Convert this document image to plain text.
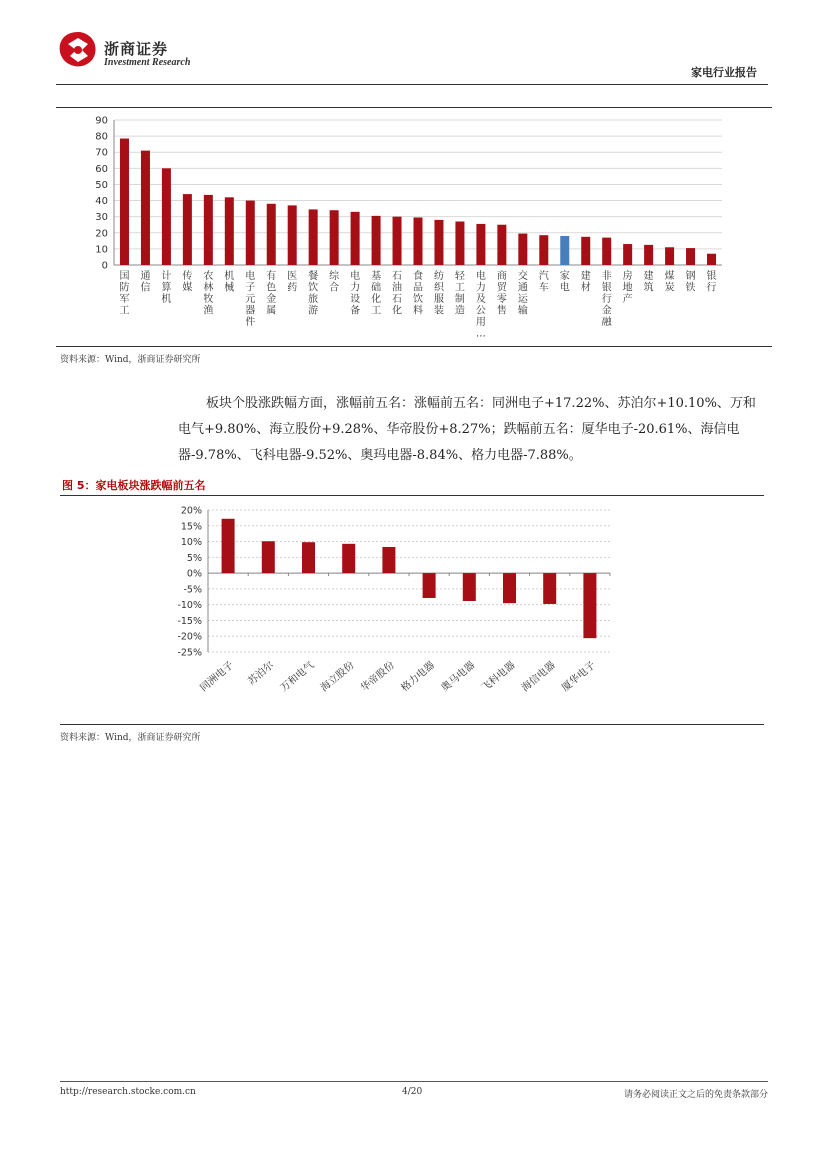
浙商证券
Investment Research
家电行业报告
0
10
20
30
40
50
60
70
80
90
国防军工
通信
计算机
传媒
农林牧渔
机械
电子元器件
有色金属
医药
餐饮旅游
综合
电力设备
基础化工
石油石化
食品饮料
纺织服装
轻工制造
电力及公用…
商贸零售
交通运输
汽车
家电
建材
非银行金融
房地产
建筑
煤炭
钢铁
银行
资料来源：Wind，浙商证券研究所

板块个股涨跌幅方面，涨幅前五名：涨幅前五名：同洲电子+17.22%、苏泊尔+10.10%、万和电气+9.80%、海立股份+9.28%、华帝股份+8.27%；跌幅前五名：厦华电子-20.61%、海信电器-9.78%、飞科电器-9.52%、奥玛电器-8.84%、格力电器-7.88%。

图 5：家电板块涨跌幅前五名
20%
15%
10%
5%
0%
-5%
-10%
-15%
-20%
-25%
同洲电子 苏泊尔 万和电气 海立股份 华帝股份 格力电器 奥马电器 飞科电器 海信电器 厦华电子
资料来源：Wind，浙商证券研究所
http://research.stocke.com.cn	4/20	请务必阅读正文之后的免责条款部分
